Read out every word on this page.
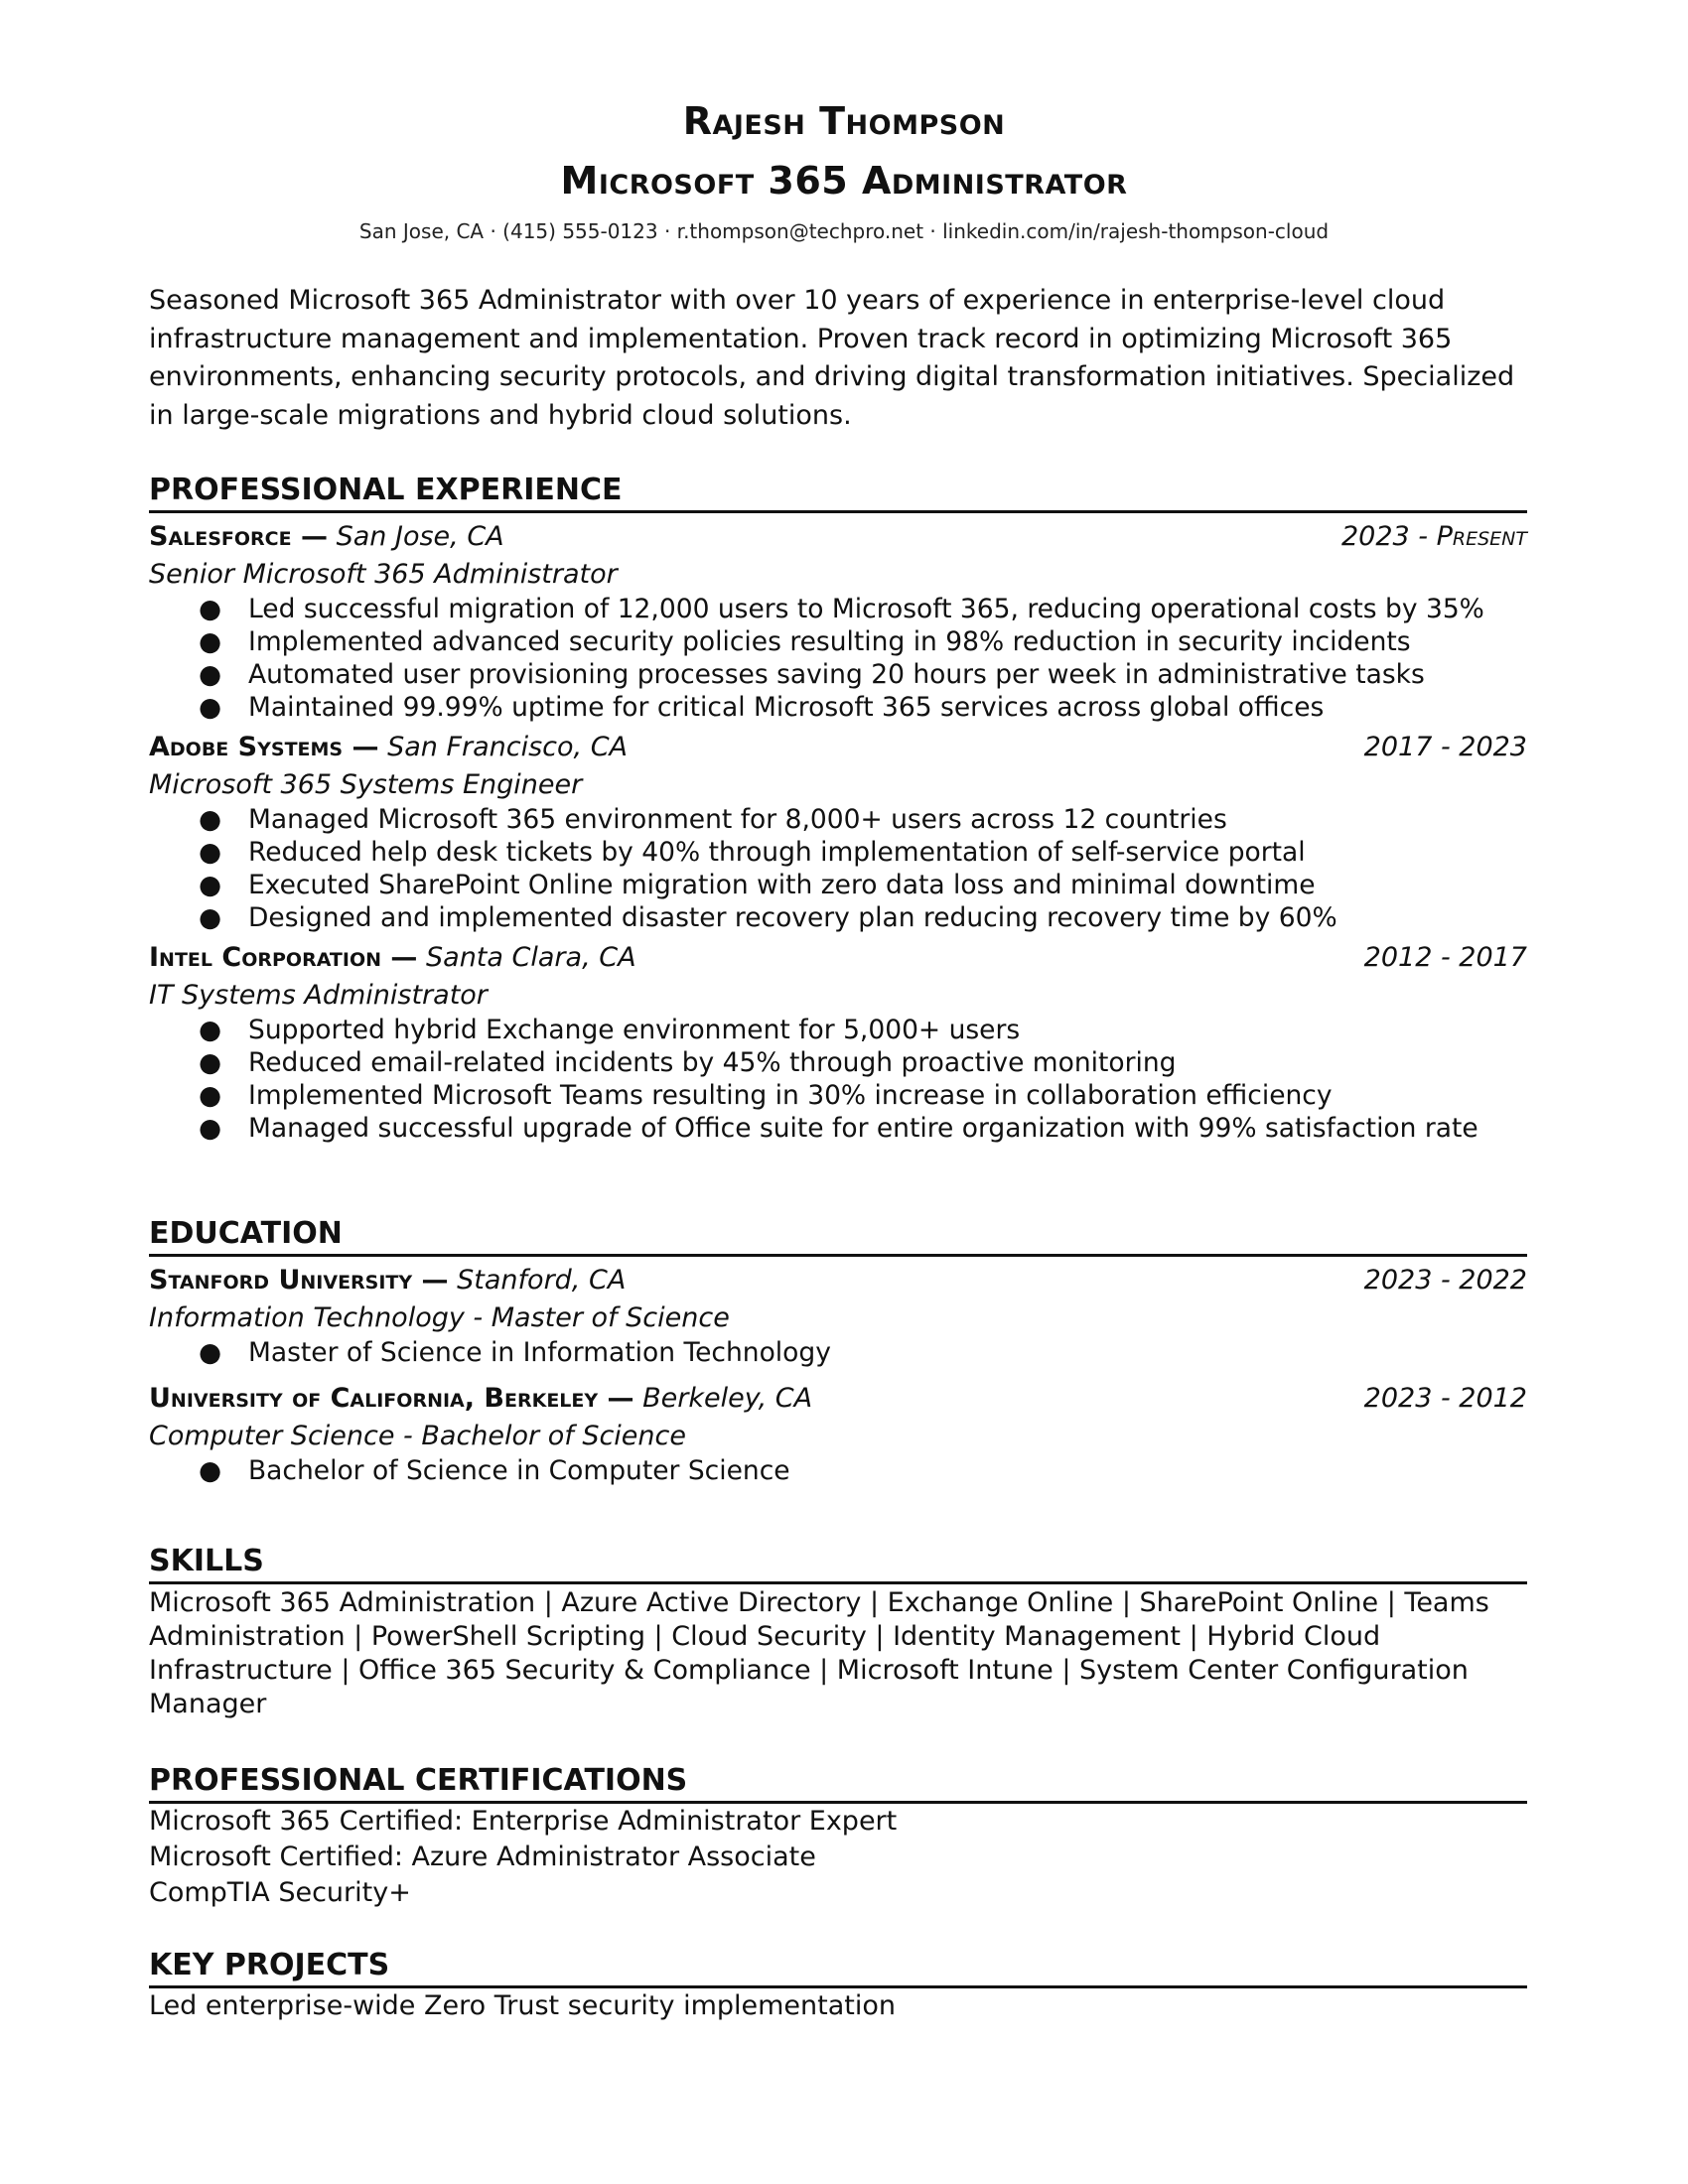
Rajesh Thompson
Microsoft 365 Administrator
San Jose, CA · (415) 555-0123 · r.thompson@techpro.net · linkedin.com/in/rajesh-thompson-cloud
Seasoned Microsoft 365 Administrator with over 10 years of experience in enterprise-level cloud infrastructure management and implementation. Proven track record in optimizing Microsoft 365 environments, enhancing security protocols, and driving digital transformation initiatives. Specialized in large-scale migrations and hybrid cloud solutions.
PROFESSIONAL EXPERIENCE
Salesforce — San Jose, CA	2023 - Present
Senior Microsoft 365 Administrator
● Led successful migration of 12,000 users to Microsoft 365, reducing operational costs by 35%
● Implemented advanced security policies resulting in 98% reduction in security incidents
● Automated user provisioning processes saving 20 hours per week in administrative tasks
● Maintained 99.99% uptime for critical Microsoft 365 services across global offices
Adobe Systems — San Francisco, CA	2017 - 2023
Microsoft 365 Systems Engineer
● Managed Microsoft 365 environment for 8,000+ users across 12 countries
● Reduced help desk tickets by 40% through implementation of self-service portal
● Executed SharePoint Online migration with zero data loss and minimal downtime
● Designed and implemented disaster recovery plan reducing recovery time by 60%
Intel Corporation — Santa Clara, CA	2012 - 2017
IT Systems Administrator
● Supported hybrid Exchange environment for 5,000+ users
● Reduced email-related incidents by 45% through proactive monitoring
● Implemented Microsoft Teams resulting in 30% increase in collaboration efficiency
● Managed successful upgrade of Office suite for entire organization with 99% satisfaction rate
EDUCATION
Stanford University — Stanford, CA	2023 - 2022
Information Technology - Master of Science
● Master of Science in Information Technology
University of California, Berkeley — Berkeley, CA	2023 - 2012
Computer Science - Bachelor of Science
● Bachelor of Science in Computer Science
SKILLS
Microsoft 365 Administration | Azure Active Directory | Exchange Online | SharePoint Online | Teams Administration | PowerShell Scripting | Cloud Security | Identity Management | Hybrid Cloud Infrastructure | Office 365 Security & Compliance | Microsoft Intune | System Center Configuration Manager
PROFESSIONAL CERTIFICATIONS
Microsoft 365 Certified: Enterprise Administrator Expert
Microsoft Certified: Azure Administrator Associate
CompTIA Security+
KEY PROJECTS
Led enterprise-wide Zero Trust security implementation
